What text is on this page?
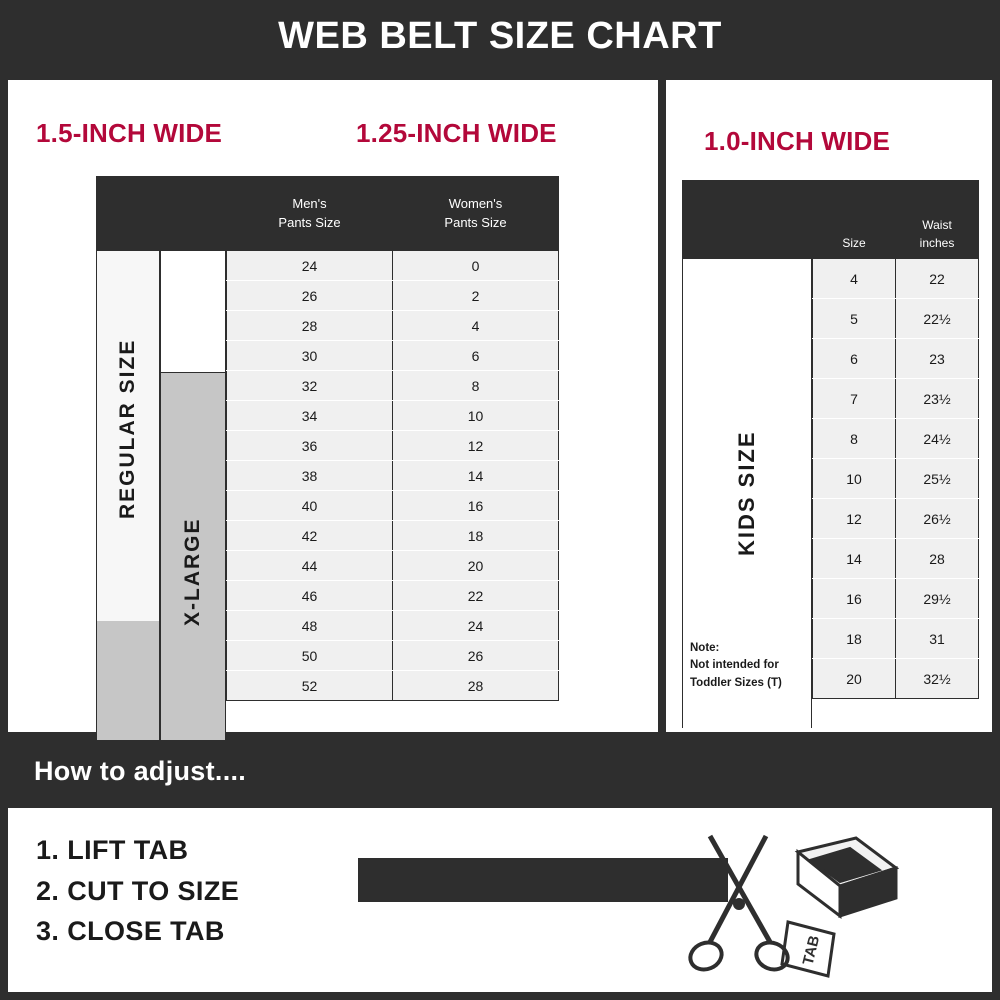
WEB BELT SIZE CHART
1.5-INCH WIDE	1.25-INCH WIDE
REGULAR SIZE
X-LARGE

Men's
Pants Size

Women's
Pants Size

	24	0
	26	2
	28	4
	30	6
	32	8
	34	10
	36	12
	38	14
	40	16
	42	18
	44	20
	46	22
	48	24
	50	26
	52	28
1.0-INCH WIDE
KIDS SIZE
Note:
Not intended for
Toddler Sizes (T)
Size	Waist
inches

4	22
5	22½
6	23
7	23½
8	24½
10	25½
12	26½
14	28
16	29½
18	31
20	32½
How to adjust....
1. LIFT TAB
2. CUT TO SIZE
3. CLOSE TAB
TAB
